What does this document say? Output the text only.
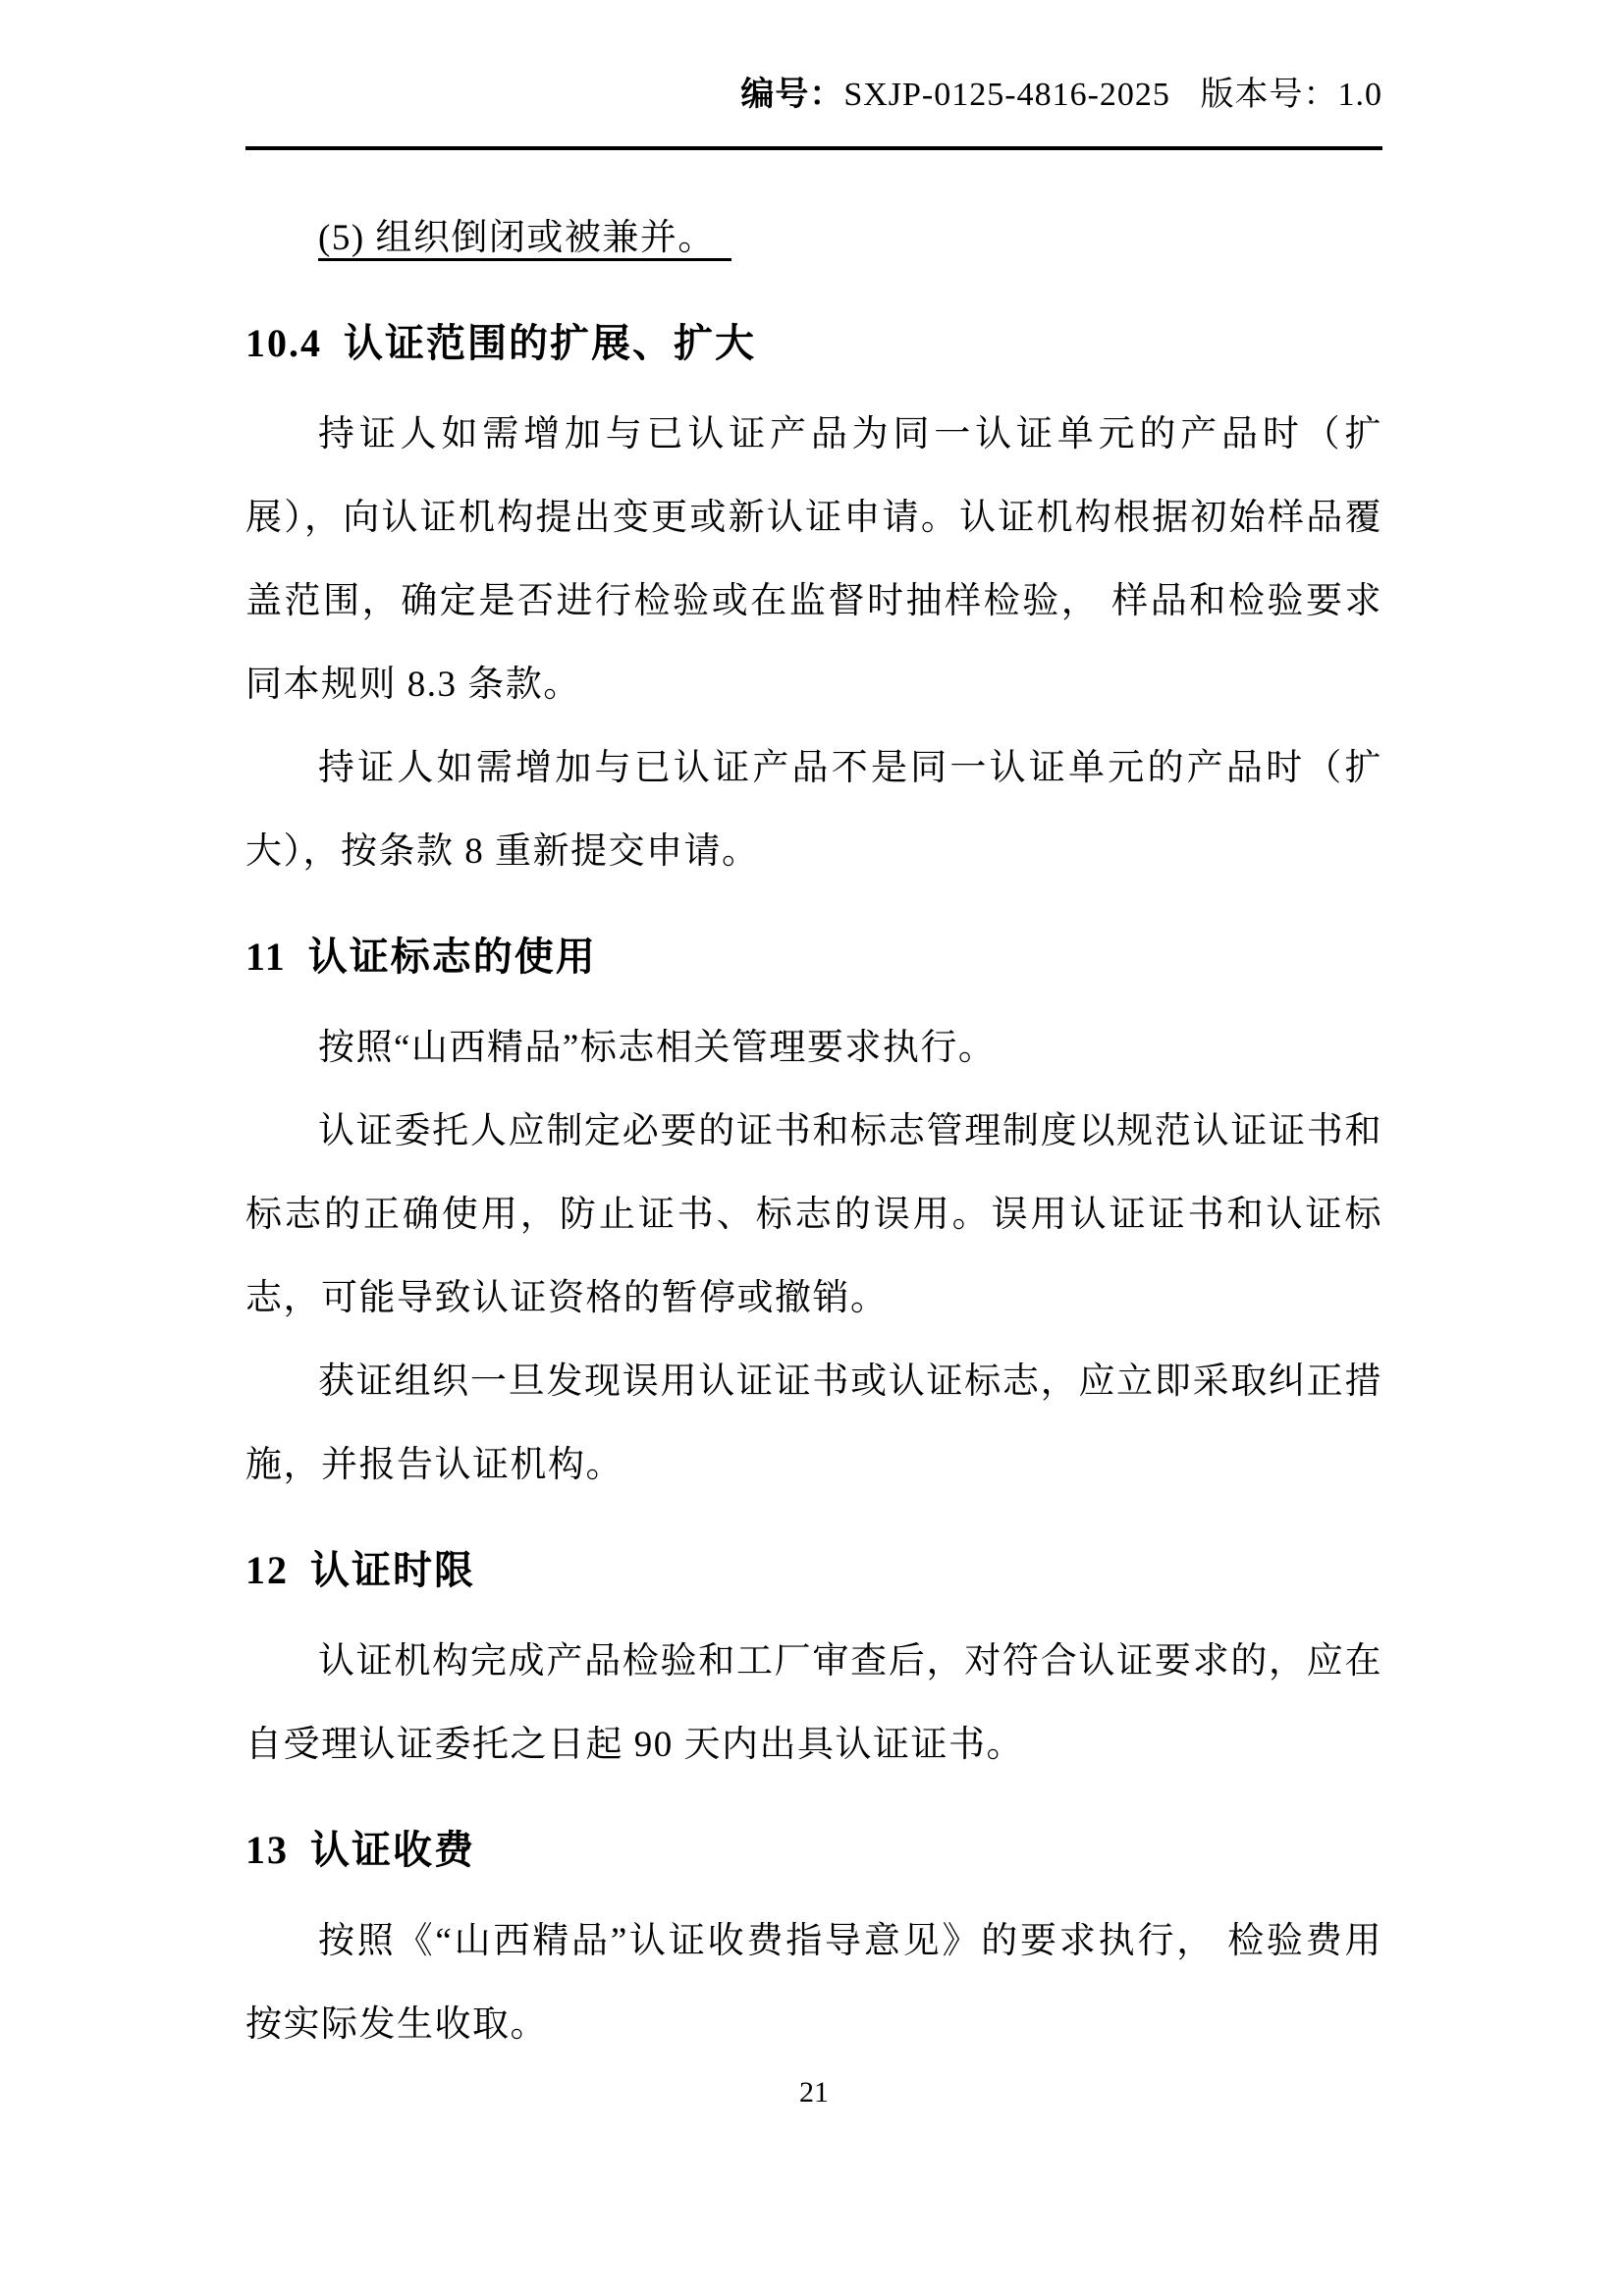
编号：SXJP-0125-4816-2025 版本号：1.0

(5) 组织倒闭或被兼并。

10.4 认证范围的扩展、扩大

持证人如需增加与已认证产品为同一认证单元的产品时（扩展），向认证机构提出变更或新认证申请。认证机构根据初始样品覆盖范围，确定是否进行检验或在监督时抽样检验， 样品和检验要求同本规则 8.3 条款。

持证人如需增加与已认证产品不是同一认证单元的产品时（扩大），按条款 8 重新提交申请。

11 认证标志的使用

按照“山西精品”标志相关管理要求执行。

认证委托人应制定必要的证书和标志管理制度以规范认证证书和标志的正确使用，防止证书、标志的误用。误用认证证书和认证标志，可能导致认证资格的暂停或撤销。

获证组织一旦发现误用认证证书或认证标志，应立即采取纠正措施，并报告认证机构。

12 认证时限

认证机构完成产品检验和工厂审查后，对符合认证要求的，应在自受理认证委托之日起 90 天内出具认证证书。

13 认证收费

按照《“山西精品”认证收费指导意见》的要求执行， 检验费用按实际发生收取。

21
